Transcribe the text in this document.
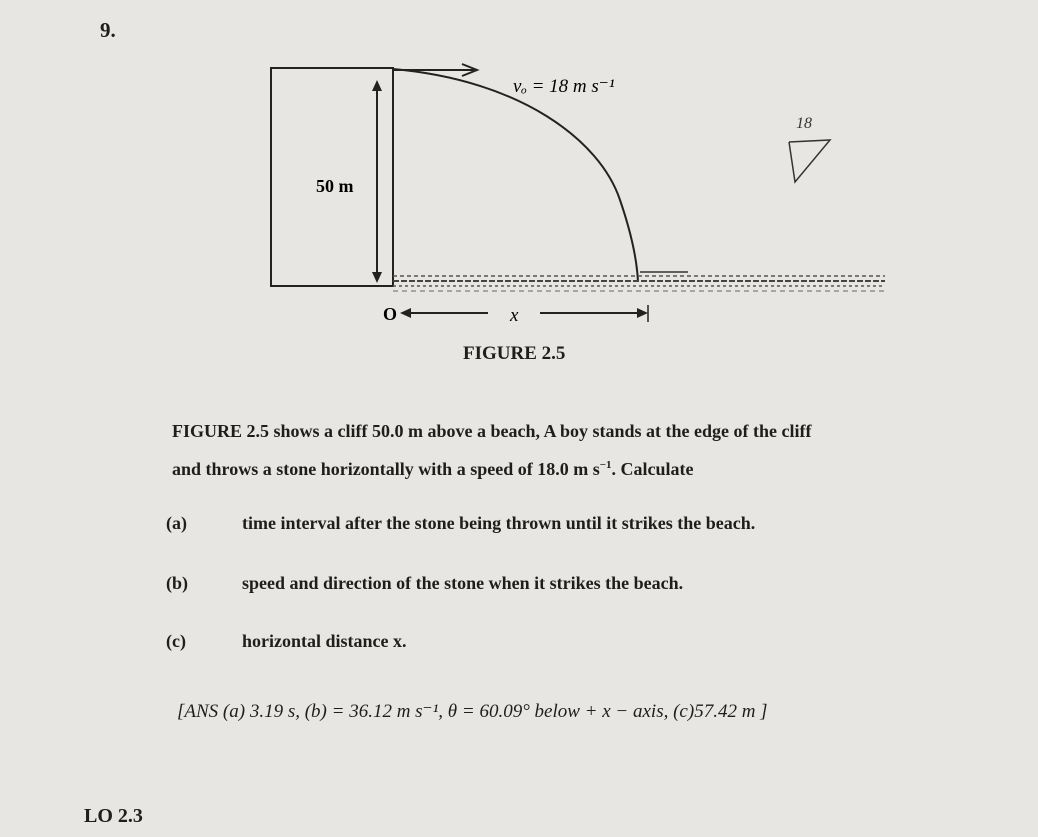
9.
50 m
vₒ = 18 m s⁻¹
O	x
18
FIGURE 2.5
FIGURE 2.5 shows a cliff 50.0 m above a beach, A boy stands at the edge of the cliff
and throws a stone horizontally with a speed of 18.0 m $s^{-1}$. Calculate
(a)	time interval after the stone being thrown until it strikes the beach.
(b)	speed and direction of the stone when it strikes the beach.
(c)	horizontal distance x.
[ANS (a) 3.19 s, (b) = 36.12 m s⁻¹, θ = 60.09° below + x − axis, (c)57.42 m ]
LO 2.3
